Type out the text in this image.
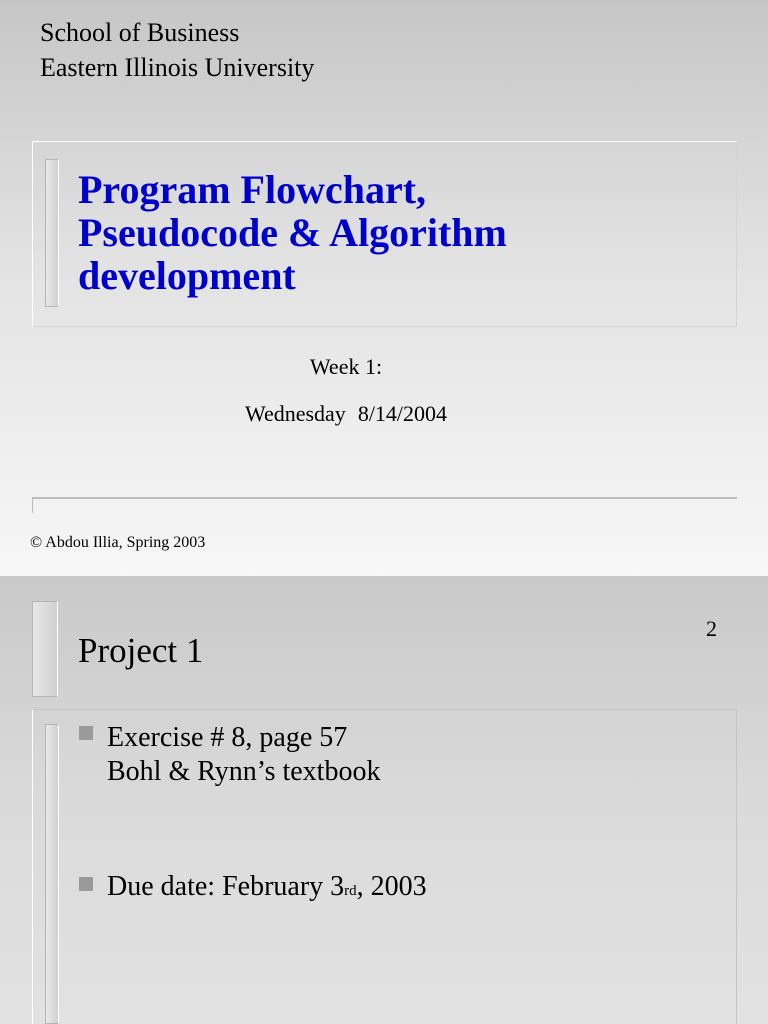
School of Business
Eastern Illinois University
Program Flowchart,
Pseudocode & Algorithm
development
Week 1:
Wednesday 8/14/2004
© Abdou Illia, Spring 2003
Project 1
2
Exercise # 8, page 57
Bohl & Rynn’s textbook
Due date: February 3rd, 2003
